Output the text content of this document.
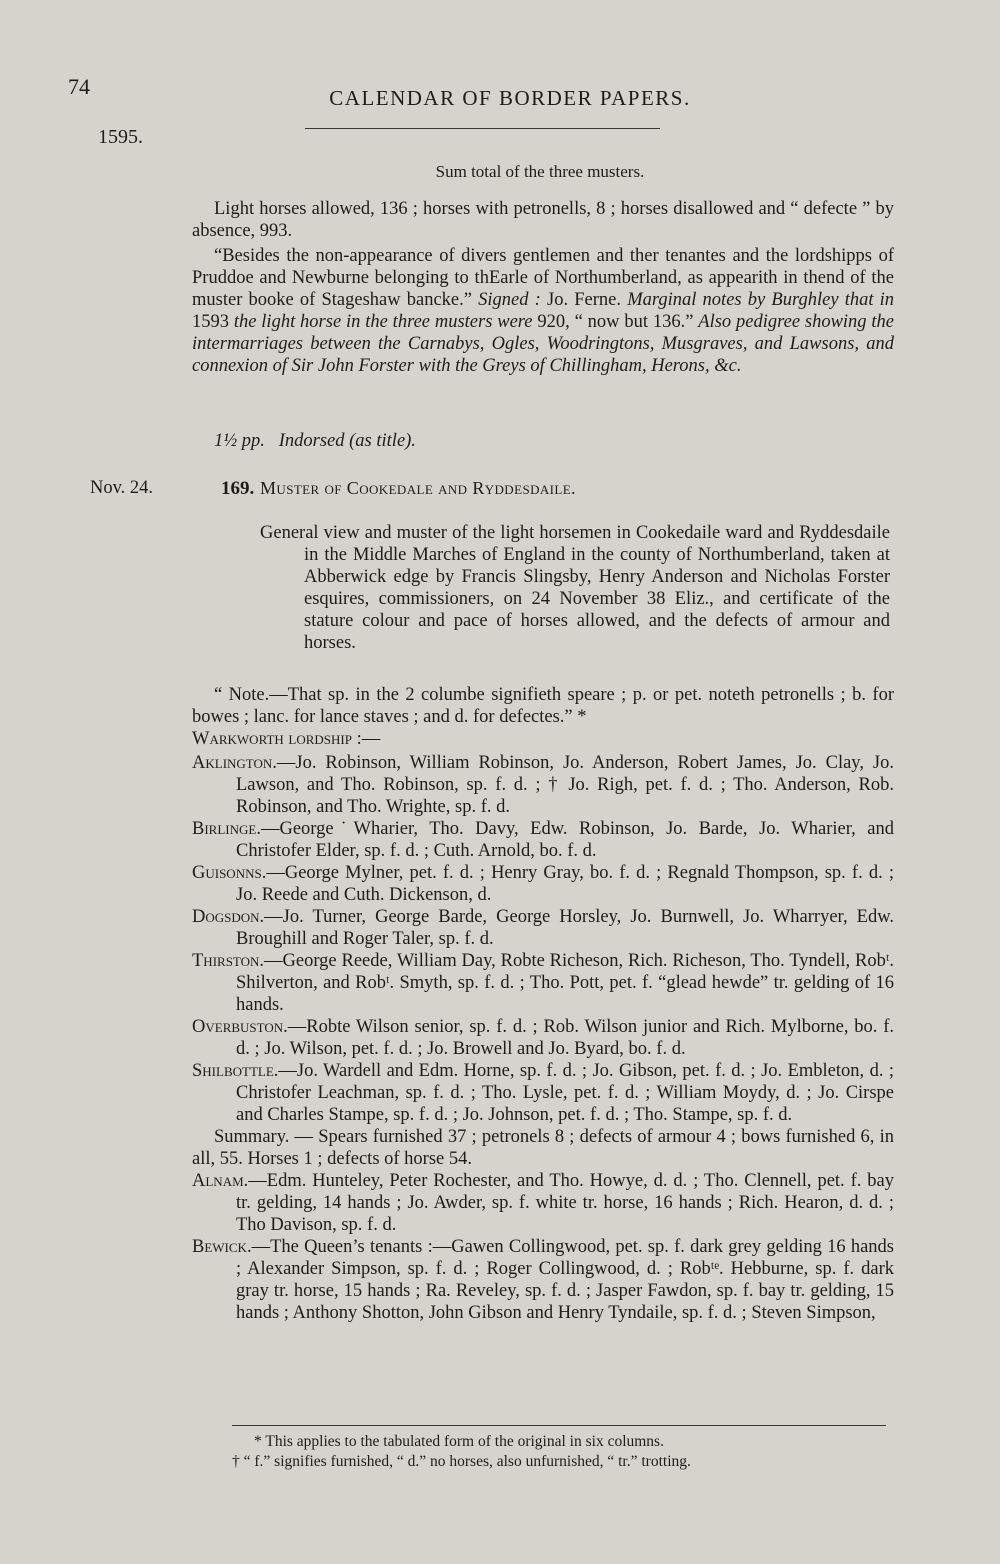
74	CALENDAR OF BORDER PAPERS.
1595.
Sum total of the three musters.
Light horses allowed, 136 ; horses with petronells, 8 ; horses disallowed and “ defecte ” by absence, 993.
“Besides the non-appearance of divers gentlemen and ther tenantes and the lordshipps of Pruddoe and Newburne belonging to thEarle of Northumberland, as appearith in thend of the muster booke of Stageshaw bancke.” Signed : Jo. Ferne. Marginal notes by Burghley that in 1593 the light horse in the three musters were 920, “ now but 136.” Also pedigree showing the intermarriages between the Carnabys, Ogles, Woodringtons, Musgraves, and Lawsons, and connexion of Sir John Forster with the Greys of Chillingham, Herons, &c.
1½ pp. Indorsed (as title).
Nov. 24.	169. Muster of Cookedale and Ryddesdaile.
General view and muster of the light horsemen in Cookedaile ward and Ryddesdaile in the Middle Marches of England in the county of Northumberland, taken at Abberwick edge by Francis Slingsby, Henry Anderson and Nicholas Forster esquires, commissioners, on 24 November 38 Eliz., and certificate of the stature colour and pace of horses allowed, and the defects of armour and horses.
“ Note.—That sp. in the 2 columbe signifieth speare ; p. or pet. noteth petronells ; b. for bowes ; lanc. for lance staves ; and d. for defectes.” *
Warkworth lordship :—
Aklington.—Jo. Robinson, William Robinson, Jo. Anderson, Robert James, Jo. Clay, Jo. Lawson, and Tho. Robinson, sp. f. d. ; † Jo. Righ, pet. f. d. ; Tho. Anderson, Rob. Robinson, and Tho. Wrighte, sp. f. d.
Birlinge.—George˙Wharier, Tho. Davy, Edw. Robinson, Jo. Barde, Jo. Wharier, and Christofer Elder, sp. f. d. ; Cuth. Arnold, bo. f. d.
Guisonns.—George Mylner, pet. f. d. ; Henry Gray, bo. f. d. ; Regnald Thompson, sp. f. d. ; Jo. Reede and Cuth. Dickenson, d.
Dogsdon.—Jo. Turner, George Barde, George Horsley, Jo. Burnwell, Jo. Wharryer, Edw. Broughill and Roger Taler, sp. f. d.
Thirston.—George Reede, William Day, Robte Richeson, Rich. Richeson, Tho. Tyndell, Robᵗ. Shilverton, and Robᵗ. Smyth, sp. f. d. ; Tho. Pott, pet. f. “glead hewde” tr. gelding of 16 hands.
Overbuston.—Robte Wilson senior, sp. f. d. ; Rob. Wilson junior and Rich. Mylborne, bo. f. d. ; Jo. Wilson, pet. f. d. ; Jo. Browell and Jo. Byard, bo. f. d.
Shilbottle.—Jo. Wardell and Edm. Horne, sp. f. d. ; Jo. Gibson, pet. f. d. ; Jo. Embleton, d. ; Christofer Leachman, sp. f. d. ; Tho. Lysle, pet. f. d. ; William Moydy, d. ; Jo. Cirspe and Charles Stampe, sp. f. d. ; Jo. Johnson, pet. f. d. ; Tho. Stampe, sp. f. d.
Summary. — Spears furnished 37 ; petronels 8 ; defects of armour 4 ; bows furnished 6, in all, 55. Horses 1 ; defects of horse 54.
Alnam.—Edm. Hunteley, Peter Rochester, and Tho. Howye, d. d. ; Tho. Clennell, pet. f. bay tr. gelding, 14 hands ; Jo. Awder, sp. f. white tr. horse, 16 hands ; Rich. Hearon, d. d. ; Tho Davison, sp. f. d.
Bewick.—The Queen’s tenants :—Gawen Collingwood, pet. sp. f. dark grey gelding 16 hands ; Alexander Simpson, sp. f. d. ; Roger Collingwood, d. ; Robᵗᵉ. Hebburne, sp. f. dark gray tr. horse, 15 hands ; Ra. Reveley, sp. f. d. ; Jasper Fawdon, sp. f. bay tr. gelding, 15 hands ; Anthony Shotton, John Gibson and Henry Tyndaile, sp. f. d. ; Steven Simpson,
* This applies to the tabulated form of the original in six columns.
† “ f.” signifies furnished, “ d.” no horses, also unfurnished, “ tr.” trotting.
